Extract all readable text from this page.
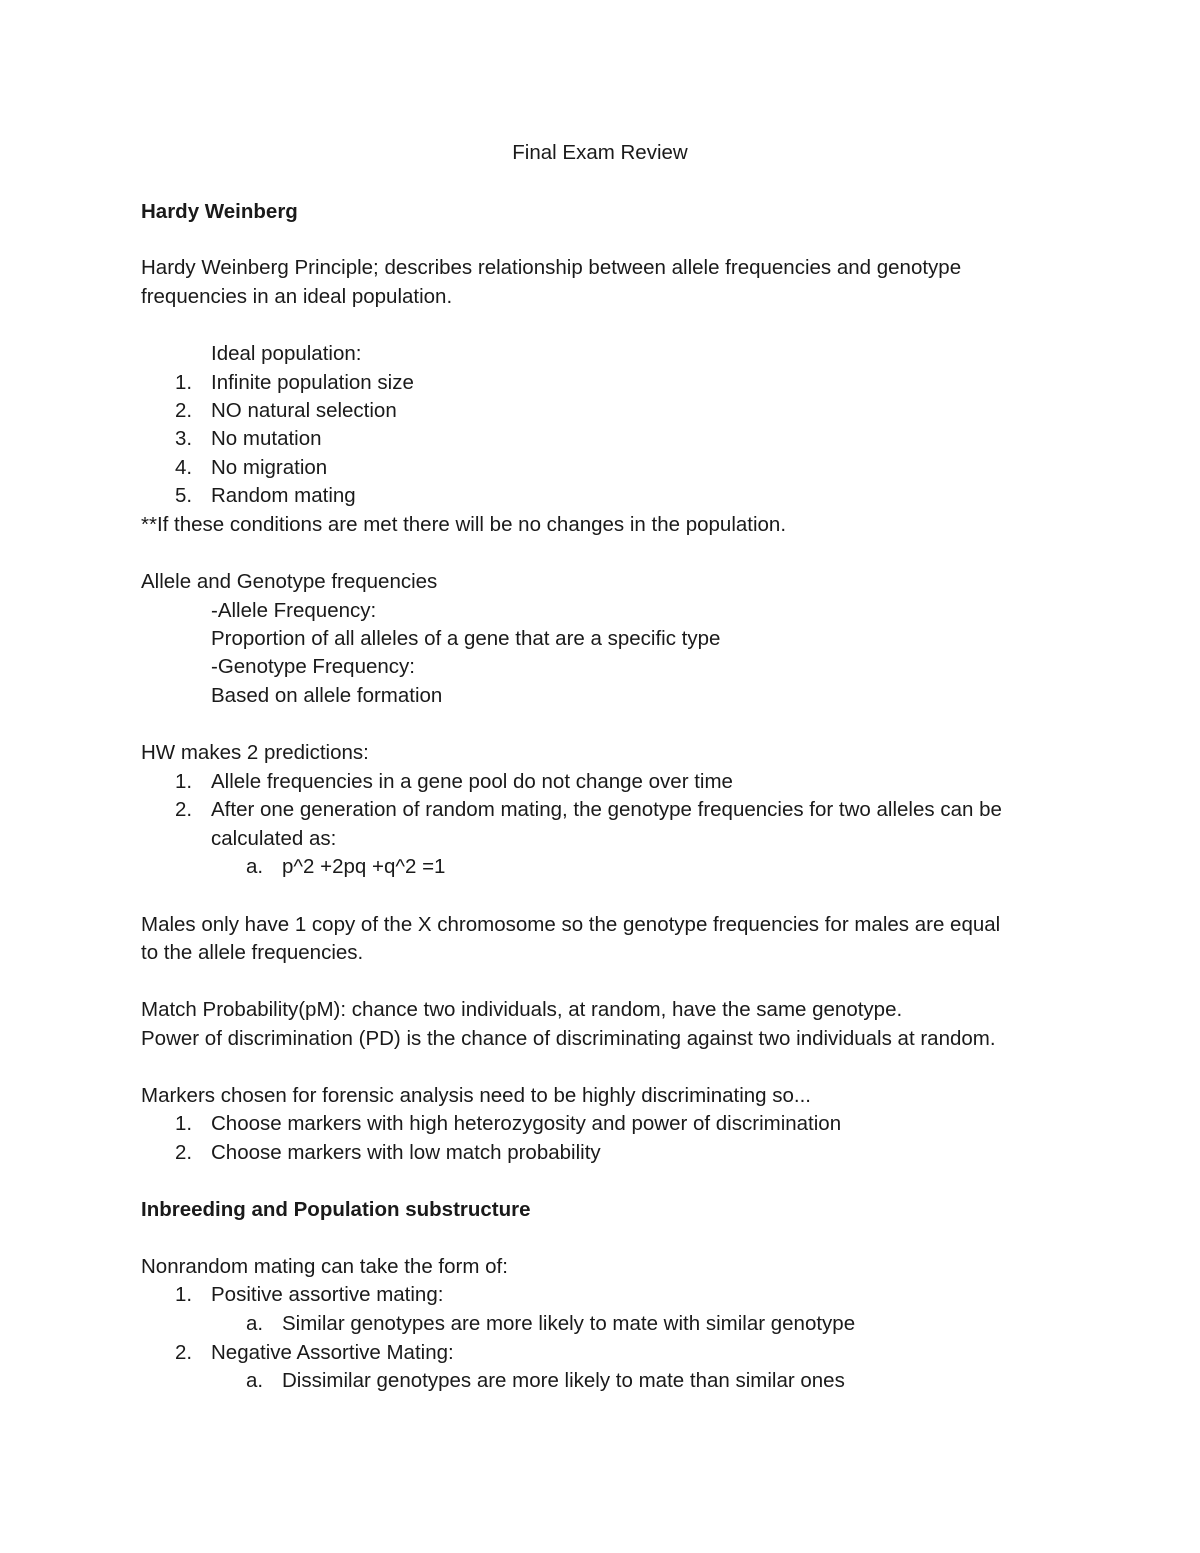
Final Exam Review
Hardy Weinberg
Hardy Weinberg Principle; describes relationship between allele frequencies and genotype
frequencies in an ideal population.
Ideal population:
1. Infinite population size
2. NO natural selection
3. No mutation
4. No migration
5. Random mating
**If these conditions are met there will be no changes in the population.
Allele and Genotype frequencies
-Allele Frequency:
Proportion of all alleles of a gene that are a specific type
-Genotype Frequency:
Based on allele formation
HW makes 2 predictions:
1. Allele frequencies in a gene pool do not change over time
2. After one generation of random mating, the genotype frequencies for two alleles can be
calculated as:
a. p^2 +2pq +q^2 =1
Males only have 1 copy of the X chromosome so the genotype frequencies for males are equal
to the allele frequencies.
Match Probability(pM): chance two individuals, at random, have the same genotype.
Power of discrimination (PD) is the chance of discriminating against two individuals at random.
Markers chosen for forensic analysis need to be highly discriminating so...
1. Choose markers with high heterozygosity and power of discrimination
2. Choose markers with low match probability
Inbreeding and Population substructure
Nonrandom mating can take the form of:
1. Positive assortive mating:
a. Similar genotypes are more likely to mate with similar genotype
2. Negative Assortive Mating:
a. Dissimilar genotypes are more likely to mate than similar ones
